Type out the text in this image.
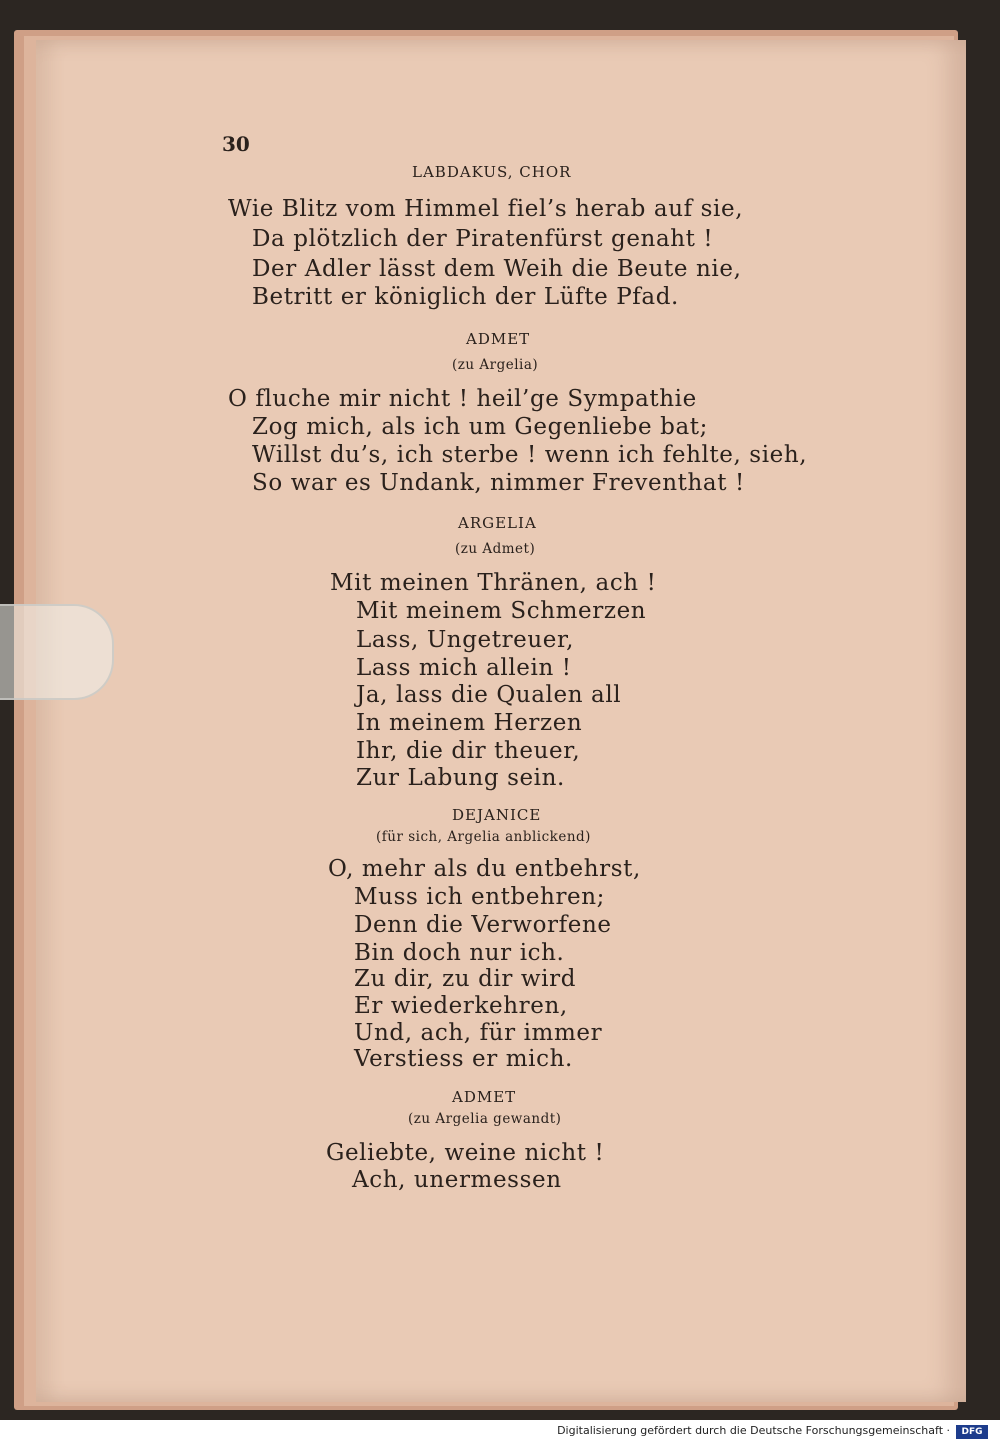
30
LABDAKUS, CHOR
Wie Blitz vom Himmel fiel’s herab auf sie,
Da plötzlich der Piratenfürst genaht !
Der Adler lässt dem Weih die Beute nie,
Betritt er königlich der Lüfte Pfad.
ADMET
(zu Argelia)
O fluche mir nicht ! heil’ge Sympathie
Zog mich, als ich um Gegenliebe bat;
Willst du’s, ich sterbe ! wenn ich fehlte, sieh,
So war es Undank, nimmer Freventhat !
ARGELIA
(zu Admet)
Mit meinen Thränen, ach !
Mit meinem Schmerzen
Lass, Ungetreuer,
Lass mich allein !
Ja, lass die Qualen all
In meinem Herzen
Ihr, die dir theuer,
Zur Labung sein.
DEJANICE
(für sich, Argelia anblickend)
O, mehr als du entbehrst,
Muss ich entbehren;
Denn die Verworfene
Bin doch nur ich.
Zu dir, zu dir wird
Er wiederkehren,
Und, ach, für immer
Verstiess er mich.
ADMET
(zu Argelia gewandt)
Geliebte, weine nicht !
Ach, unermessen
Digitalisierung gefördert durch die Deutsche Forschungsgemeinschaft ·	DFG
